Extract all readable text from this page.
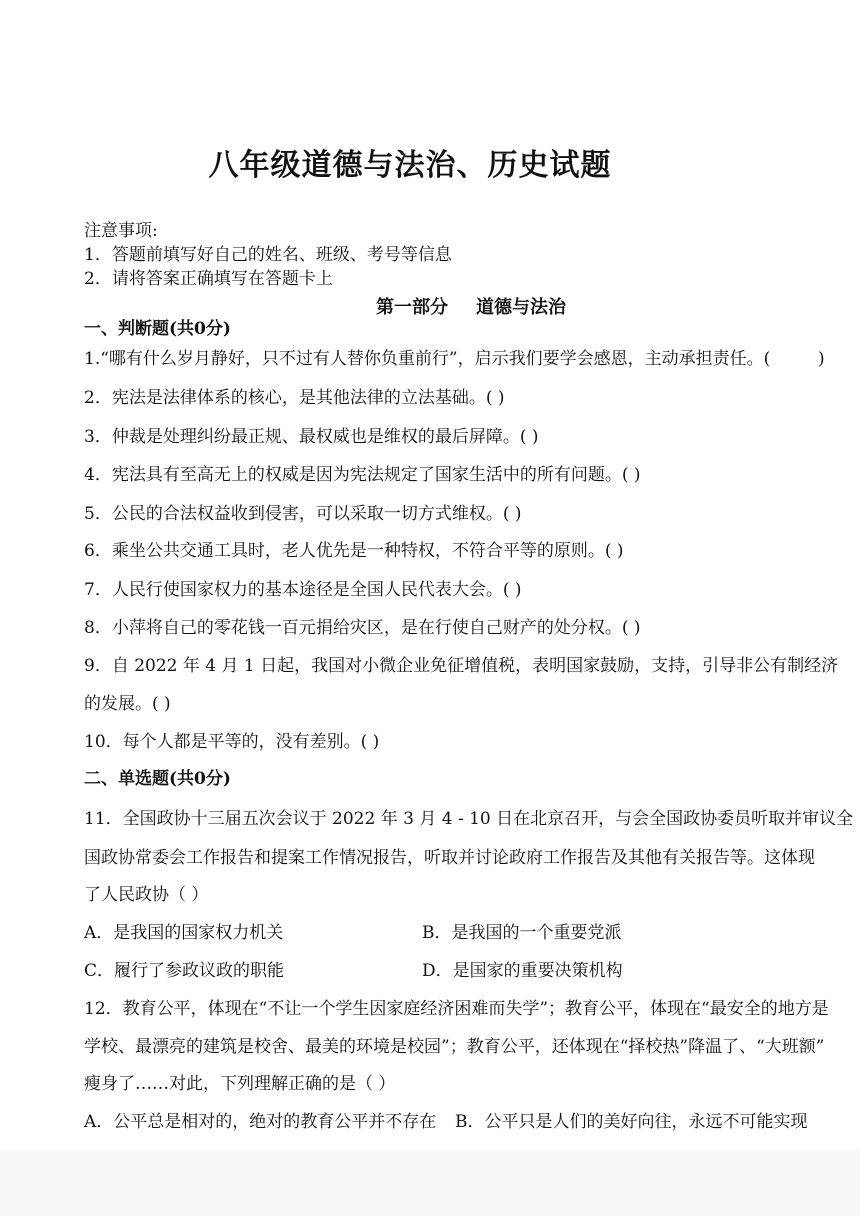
八年级道德与法治、历史试题
注意事项:
1．答题前填写好自己的姓名、班级、考号等信息
2．请将答案正确填写在答题卡上
第一部分 道德与法治
一、判断题(共0分)
1.“哪有什么岁月静好，只不过有人替你负重前行”，启示我们要学会感恩，主动承担责任。(	)
2．宪法是法律体系的核心，是其他法律的立法基础。( )
3．仲裁是处理纠纷最正规、最权威也是维权的最后屏障。( )
4．宪法具有至高无上的权威是因为宪法规定了国家生活中的所有问题。( )
5．公民的合法权益收到侵害，可以采取一切方式维权。( )
6．乘坐公共交通工具时，老人优先是一种特权，不符合平等的原则。( )
7．人民行使国家权力的基本途径是全国人民代表大会。( )
8．小萍将自己的零花钱一百元捐给灾区，是在行使自己财产的处分权。( )
9．自 2022 年 4 月 1 日起，我国对小微企业免征增值税，表明国家鼓励，支持，引导非公有制经济
的发展。( )
10．每个人都是平等的，没有差别。( )
二、单选题(共0分)
11．全国政协十三届五次会议于 2022 年 3 月 4 - 10 日在北京召开，与会全国政协委员听取并审议全
国政协常委会工作报告和提案工作情况报告，听取并讨论政府工作报告及其他有关报告等。这体现
了人民政协（ ）
A．是我国的国家权力机关	B．是我国的一个重要党派
C．履行了参政议政的职能	D．是国家的重要决策机构
12．教育公平，体现在“不让一个学生因家庭经济困难而失学”；教育公平，体现在“最安全的地方是
学校、最漂亮的建筑是校舍、最美的环境是校园”；教育公平，还体现在“择校热”降温了、“大班额”
瘦身了……对此，下列理解正确的是（ ）
A．公平总是相对的，绝对的教育公平并不存在 B．公平只是人们的美好向往，永远不可能实现
